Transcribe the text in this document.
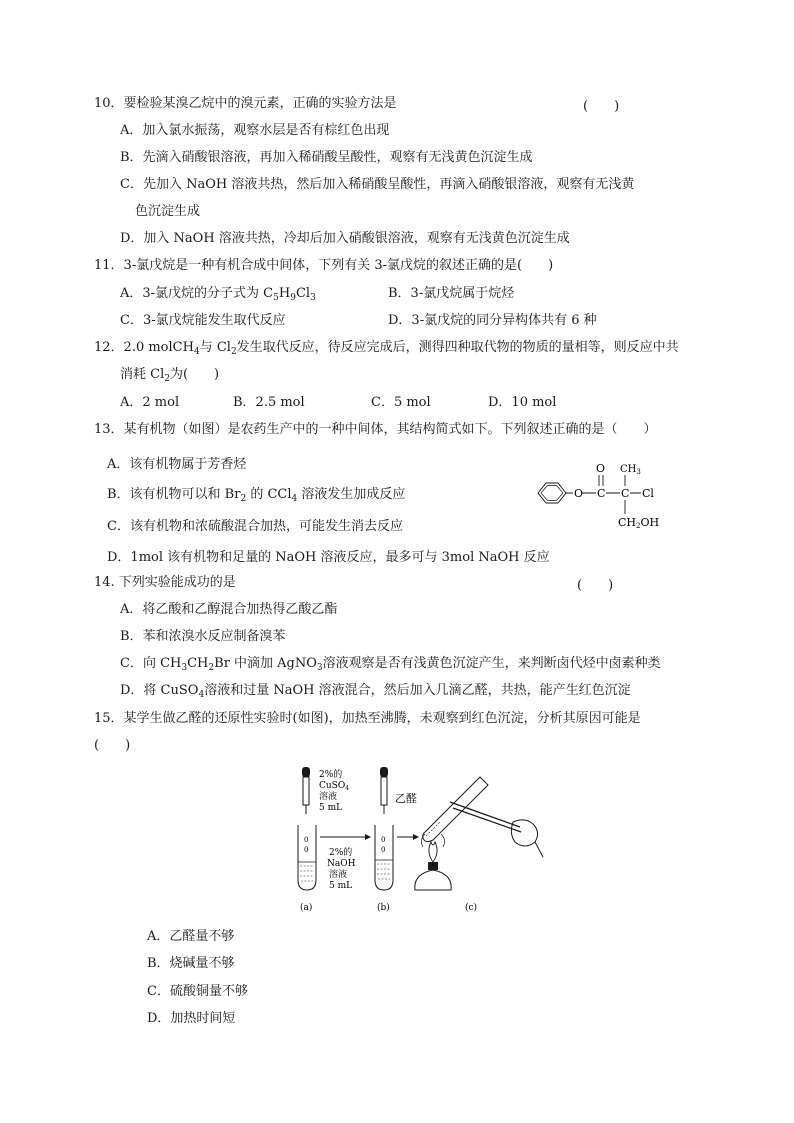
10．要检验某溴乙烷中的溴元素，正确的实验方法是	(　　)
A．加入氯水振荡，观察水层是否有棕红色出现
B．先滴入硝酸银溶液，再加入稀硝酸呈酸性，观察有无浅黄色沉淀生成
C．先加入 NaOH 溶液共热，然后加入稀硝酸呈酸性，再滴入硝酸银溶液，观察有无浅黄
色沉淀生成
D．加入 NaOH 溶液共热，冷却后加入硝酸银溶液，观察有无浅黄色沉淀生成
11．3-氯戊烷是一种有机合成中间体，下列有关 3-氯戊烷的叙述正确的是(　　)
A．3-氯戊烷的分子式为 $C_5H_9Cl_3$	B．3-氯戊烷属于烷烃
C．3-氯戊烷能发生取代反应	D．3-氯戊烷的同分异构体共有 6 种
12．2.0 molCH$_4$与 $Cl_2$发生取代反应，待反应完成后，测得四种取代物的物质的量相等，则反应中共
消耗 $Cl_2$为(　　)
A．2 mol	B．2.5 mol	C．5 mol	D．10 mol
13．某有机物（如图）是农药生产中的一种中间体，其结构简式如下。下列叙述正确的是（　　）
A．该有机物属于芳香烃
B．该有机物可以和 $Br_2$ 的 CCl$_4$ 溶液发生加成反应
C．该有机物和浓硫酸混合加热，可能发生消去反应
D．1mol 该有机物和足量的 NaOH 溶液反应，最多可与 3mol NaOH 反应
O C
O
C
$CH_3$
Cl
CH2OH
14. 下列实验能成功的是	(　　)
A．将乙酸和乙醇混合加热得乙酸乙酯
B．苯和浓溴水反应制备溴苯
C．向 $CH_3CH_2Br$ 中滴加 AgNO$_3$溶液观察是否有浅黄色沉淀产生，来判断卤代烃中卤素种类
D．将 CuSO$_4$溶液和过量 NaOH 溶液混合，然后加入几滴乙醛，共热，能产生红色沉淀
15．某学生做乙醛的还原性实验时(如图)，加热至沸腾，未观察到红色沉淀，分析其原因可能是
(　　)
2%的
CuSO$_4$
溶液
5 mL
0
0 2%的
NaOH
溶液
5 mL
乙醛
0
0
(a)	(b)	(c)
A．乙醛量不够
B．烧碱量不够
C．硫酸铜量不够
D．加热时间短
